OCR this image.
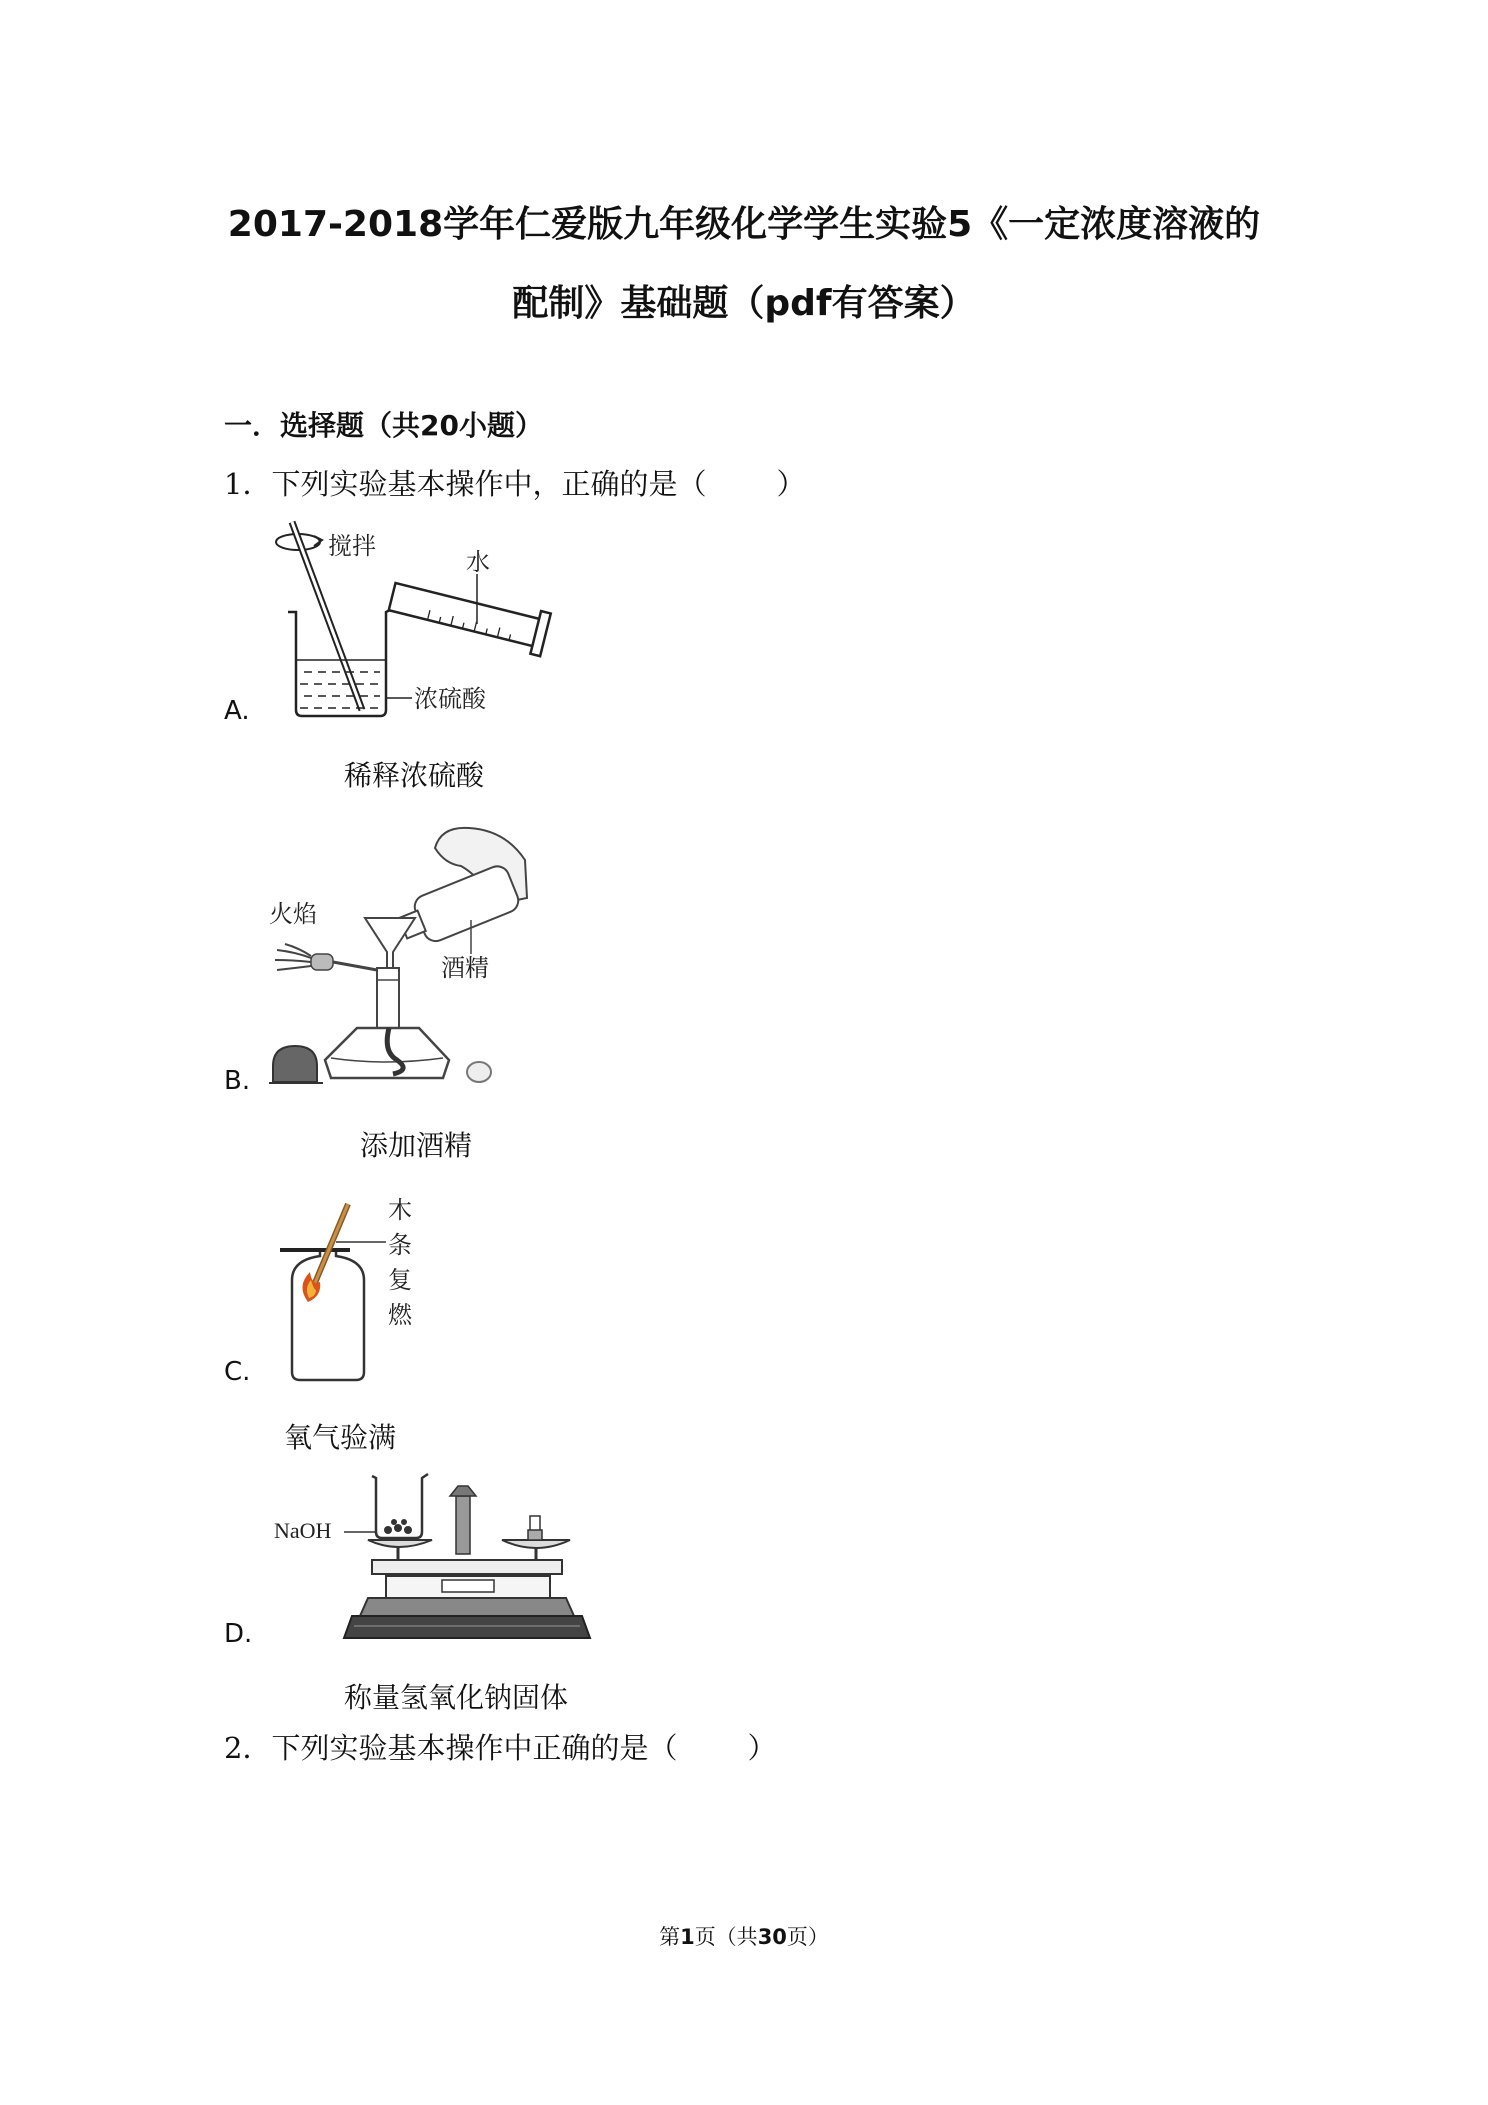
2017-2018学年仁爱版九年级化学学生实验5《一定浓度溶液的
配制》基础题（pdf有答案）
一．选择题（共20小题）
1．下列实验基本操作中，正确的是（ ）
搅拌
浓硫酸
水
A.
稀释浓硫酸
酒精
火焰
B.
添加酒精
木
条
复
燃
C.
氧气验满
NaOH
D.
称量氢氧化钠固体
2．下列实验基本操作中正确的是（ ）
第1页（共30页）
